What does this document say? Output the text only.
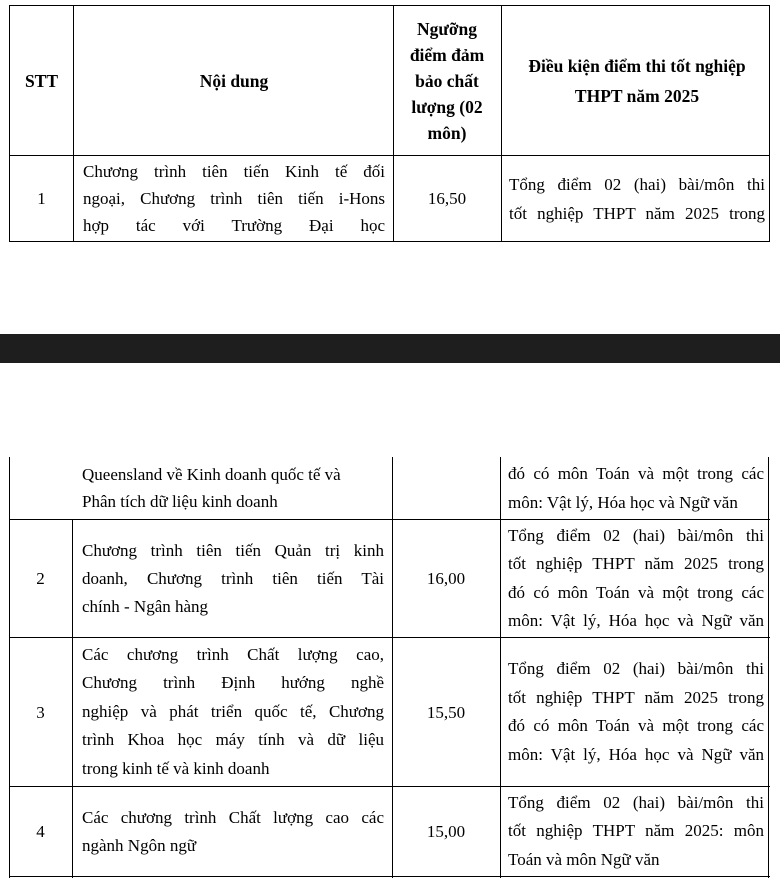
STT	Nội dung
Ngưỡng
điểm đảm
bảo chất
lượng (02
môn)
Điều kiện điểm thi tốt nghiệp
THPT năm 2025
1
Chương trình tiên tiến Kinh tế đối
ngoại, Chương trình tiên tiến i-Hons
hợp tác với Trường Đại học
16,50
Tổng điểm 02 (hai) bài/môn thi
tốt nghiệp THPT năm 2025 trong
Queensland về Kinh doanh quốc tế và
Phân tích dữ liệu kinh doanh
đó có môn Toán và một trong các
môn: Vật lý, Hóa học và Ngữ văn
2
Chương trình tiên tiến Quản trị kinh
doanh, Chương trình tiên tiến Tài
chính - Ngân hàng
16,00
Tổng điểm 02 (hai) bài/môn thi
tốt nghiệp THPT năm 2025 trong
đó có môn Toán và một trong các
môn: Vật lý, Hóa học và Ngữ văn
3
Các chương trình Chất lượng cao,
Chương trình Định hướng nghề
nghiệp và phát triển quốc tế, Chương
trình Khoa học máy tính và dữ liệu
trong kinh tế và kinh doanh
15,50
Tổng điểm 02 (hai) bài/môn thi
tốt nghiệp THPT năm 2025 trong
đó có môn Toán và một trong các
môn: Vật lý, Hóa học và Ngữ văn
4
Các chương trình Chất lượng cao các
ngành Ngôn ngữ
15,00
Tổng điểm 02 (hai) bài/môn thi
tốt nghiệp THPT năm 2025: môn
Toán và môn Ngữ văn
